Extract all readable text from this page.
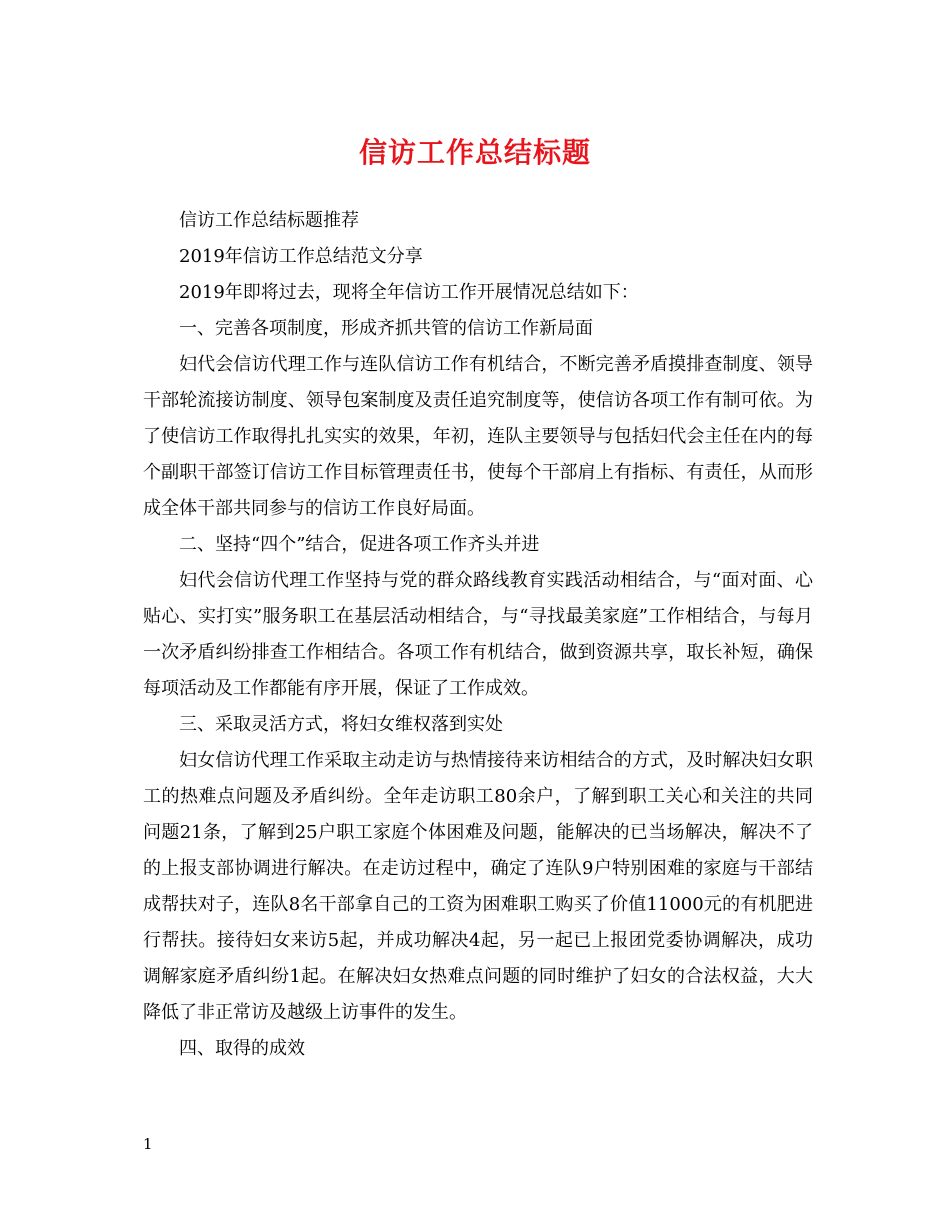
信访工作总结标题

信访工作总结标题推荐

2019年信访工作总结范文分享

2019年即将过去，现将全年信访工作开展情况总结如下：

一、完善各项制度，形成齐抓共管的信访工作新局面

妇代会信访代理工作与连队信访工作有机结合，不断完善矛盾摸排查制度、领导干部轮流接访制度、领导包案制度及责任追究制度等，使信访各项工作有制可依。为了使信访工作取得扎扎实实的效果，年初，连队主要领导与包括妇代会主任在内的每个副职干部签订信访工作目标管理责任书，使每个干部肩上有指标、有责任，从而形成全体干部共同参与的信访工作良好局面。

二、坚持“四个”结合，促进各项工作齐头并进

妇代会信访代理工作坚持与党的群众路线教育实践活动相结合，与“面对面、心贴心、实打实”服务职工在基层活动相结合，与“寻找最美家庭”工作相结合，与每月一次矛盾纠纷排查工作相结合。各项工作有机结合，做到资源共享，取长补短，确保每项活动及工作都能有序开展，保证了工作成效。

三、采取灵活方式，将妇女维权落到实处

妇女信访代理工作采取主动走访与热情接待来访相结合的方式，及时解决妇女职工的热难点问题及矛盾纠纷。全年走访职工80余户，了解到职工关心和关注的共同问题21条，了解到25户职工家庭个体困难及问题，能解决的已当场解决，解决不了的上报支部协调进行解决。在走访过程中，确定了连队9户特别困难的家庭与干部结成帮扶对子，连队8名干部拿自己的工资为困难职工购买了价值11000元的有机肥进行帮扶。接待妇女来访5起，并成功解决4起，另一起已上报团党委协调解决，成功调解家庭矛盾纠纷1起。在解决妇女热难点问题的同时维护了妇女的合法权益，大大降低了非正常访及越级上访事件的发生。

四、取得的成效

1
